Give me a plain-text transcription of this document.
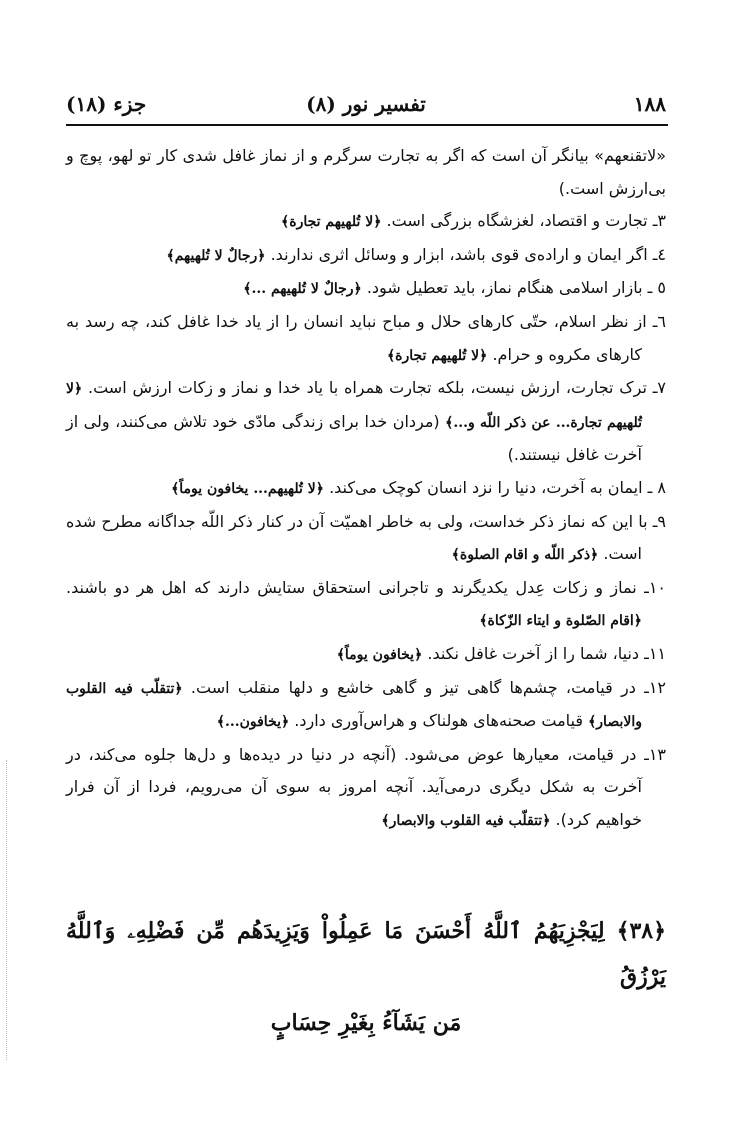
۱۸۸
تفسیر نور (۸)
جزء (۱۸)

«لاتقنعهم» بیانگر آن است که اگر به تجارت سرگرم و از نماز غافل شدی کار تو لهو، پوچ و بی‌ارزش است.)

۳ـ تجارت و اقتصاد، لغزشگاه بزرگی است. ﴿لا تُلهیهم تجارة﴾

٤ـ اگر ایمان و اراده‌ی قوی باشد، ابزار و وسائل اثری ندارند. ﴿رجالٌ لا تُلهیهم﴾

٥ ـ بازار اسلامی هنگام نماز، باید تعطیل شود. ﴿رجالٌ لا تُلهیهم ...﴾

٦ـ از نظر اسلام، حتّی کارهای حلال و مباح نباید انسان را از یاد خدا غافل کند، چه رسد به کارهای مکروه و حرام. ﴿لا تُلهیهم تجارة﴾

٧ـ ترک تجارت، ارزش نیست، بلکه تجارت همراه با یاد خدا و نماز و زکات ارزش است. ﴿لا تُلهیهم تجارة... عن ذکر اللّه و...﴾ (مردان خدا برای زندگی مادّی خود تلاش می‌کنند، ولی از آخرت غافل نیستند.)

٨ ـ ایمان به آخرت، دنیا را نزد انسان کوچک می‌کند. ﴿لا تُلهیهم... یخافون یوماً﴾

٩ـ با این که نماز ذکر خداست، ولی به خاطر اهمیّت آن در کنار ذکر اللّه جداگانه مطرح شده است. ﴿ذکر اللّه و اقام الصلوة﴾

١٠ـ نماز و زکات عِدل یکدیگرند و تاجرانی استحقاق ستایش دارند که اهل هر دو باشند. ﴿اقام الصّلوة و ایتاء الزّکاة﴾

١١ـ دنیا، شما را از آخرت غافل نکند. ﴿یخافون یوماً﴾

١٢ـ در قیامت، چشم‌ها گاهی تیز و گاهی خاشع و دلها منقلب است. ﴿تتقلّب فیه القلوب والابصار﴾ قیامت صحنه‌های هولناک و هراس‌آوری دارد. ﴿یخافون...﴾

١٣ـ در قیامت، معیارها عوض می‌شود. (آنچه در دنیا در دیده‌ها و دل‌ها جلوه می‌کند، در آخرت به شکل دیگری درمی‌آید. آنچه امروز به سوی آن می‌رویم، فردا از آن فرار خواهیم کرد). ﴿تتقلّب فیه القلوب والابصار﴾

﴿۳۸﴾ لِيَجْزِيَهُمُ ٱللَّهُ أَحْسَنَ مَا عَمِلُواْ وَيَزِيدَهُم مِّن فَضْلِهِۦ وَٱللَّهُ يَرْزُقُ
مَن يَشَآءُ بِغَيْرِ حِسَابٍ
